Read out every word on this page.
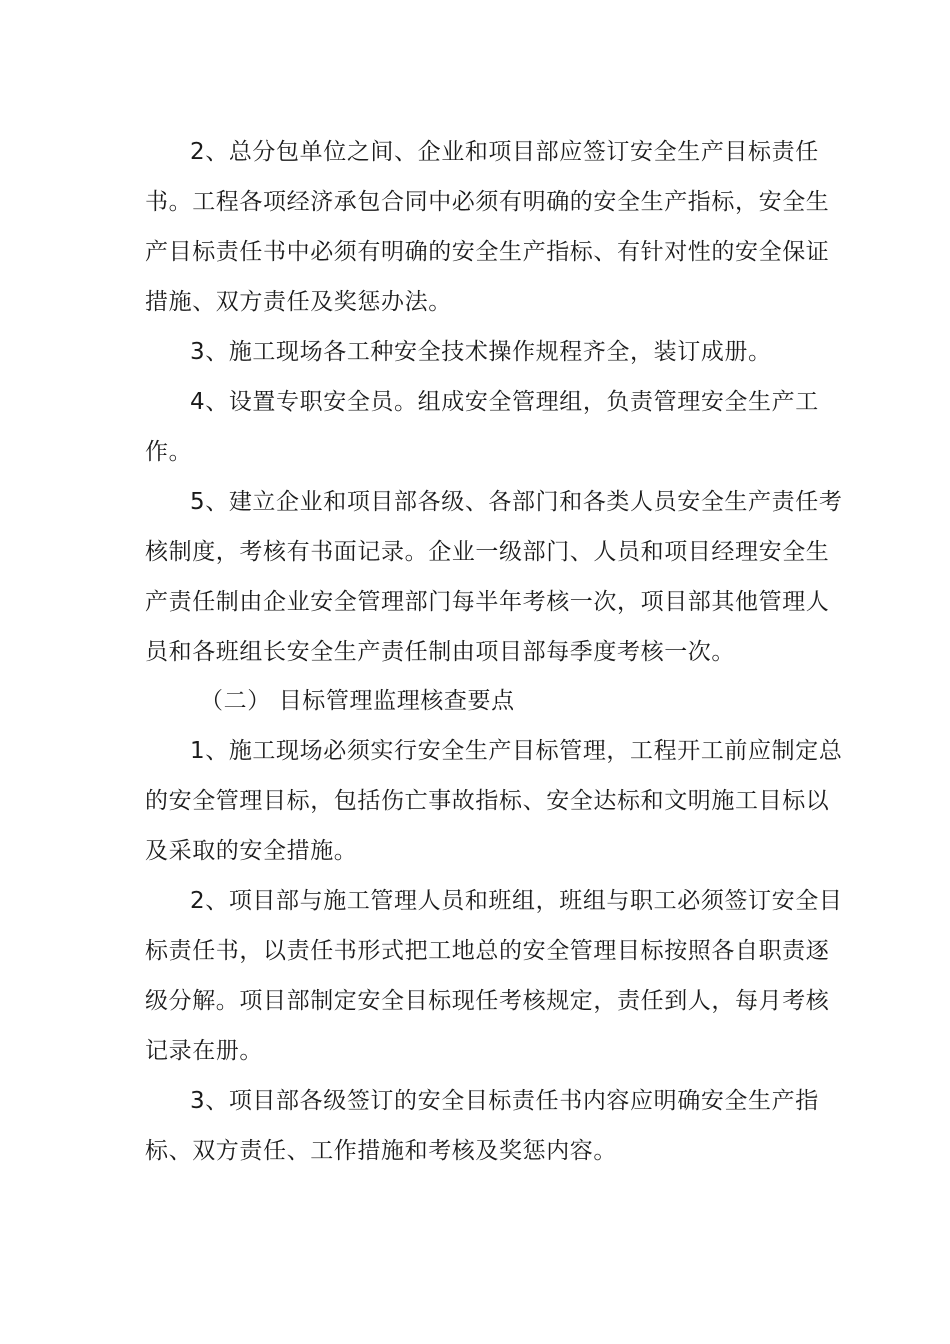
2、总分包单位之间、企业和项目部应签订安全生产目标责任
书。工程各项经济承包合同中必须有明确的安全生产指标，安全生
产目标责任书中必须有明确的安全生产指标、有针对性的安全保证
措施、双方责任及奖惩办法。
3、施工现场各工种安全技术操作规程齐全，装订成册。
4、设置专职安全员。组成安全管理组，负责管理安全生产工
作。
5、建立企业和项目部各级、各部门和各类人员安全生产责任考
核制度，考核有书面记录。企业一级部门、人员和项目经理安全生
产责任制由企业安全管理部门每半年考核一次，项目部其他管理人
员和各班组长安全生产责任制由项目部每季度考核一次。
（二） 目标管理监理核查要点
1、施工现场必须实行安全生产目标管理，工程开工前应制定总
的安全管理目标，包括伤亡事故指标、安全达标和文明施工目标以
及采取的安全措施。
2、项目部与施工管理人员和班组，班组与职工必须签订安全目
标责任书，以责任书形式把工地总的安全管理目标按照各自职责逐
级分解。项目部制定安全目标现任考核规定，责任到人，每月考核
记录在册。
3、项目部各级签订的安全目标责任书内容应明确安全生产指
标、双方责任、工作措施和考核及奖惩内容。
